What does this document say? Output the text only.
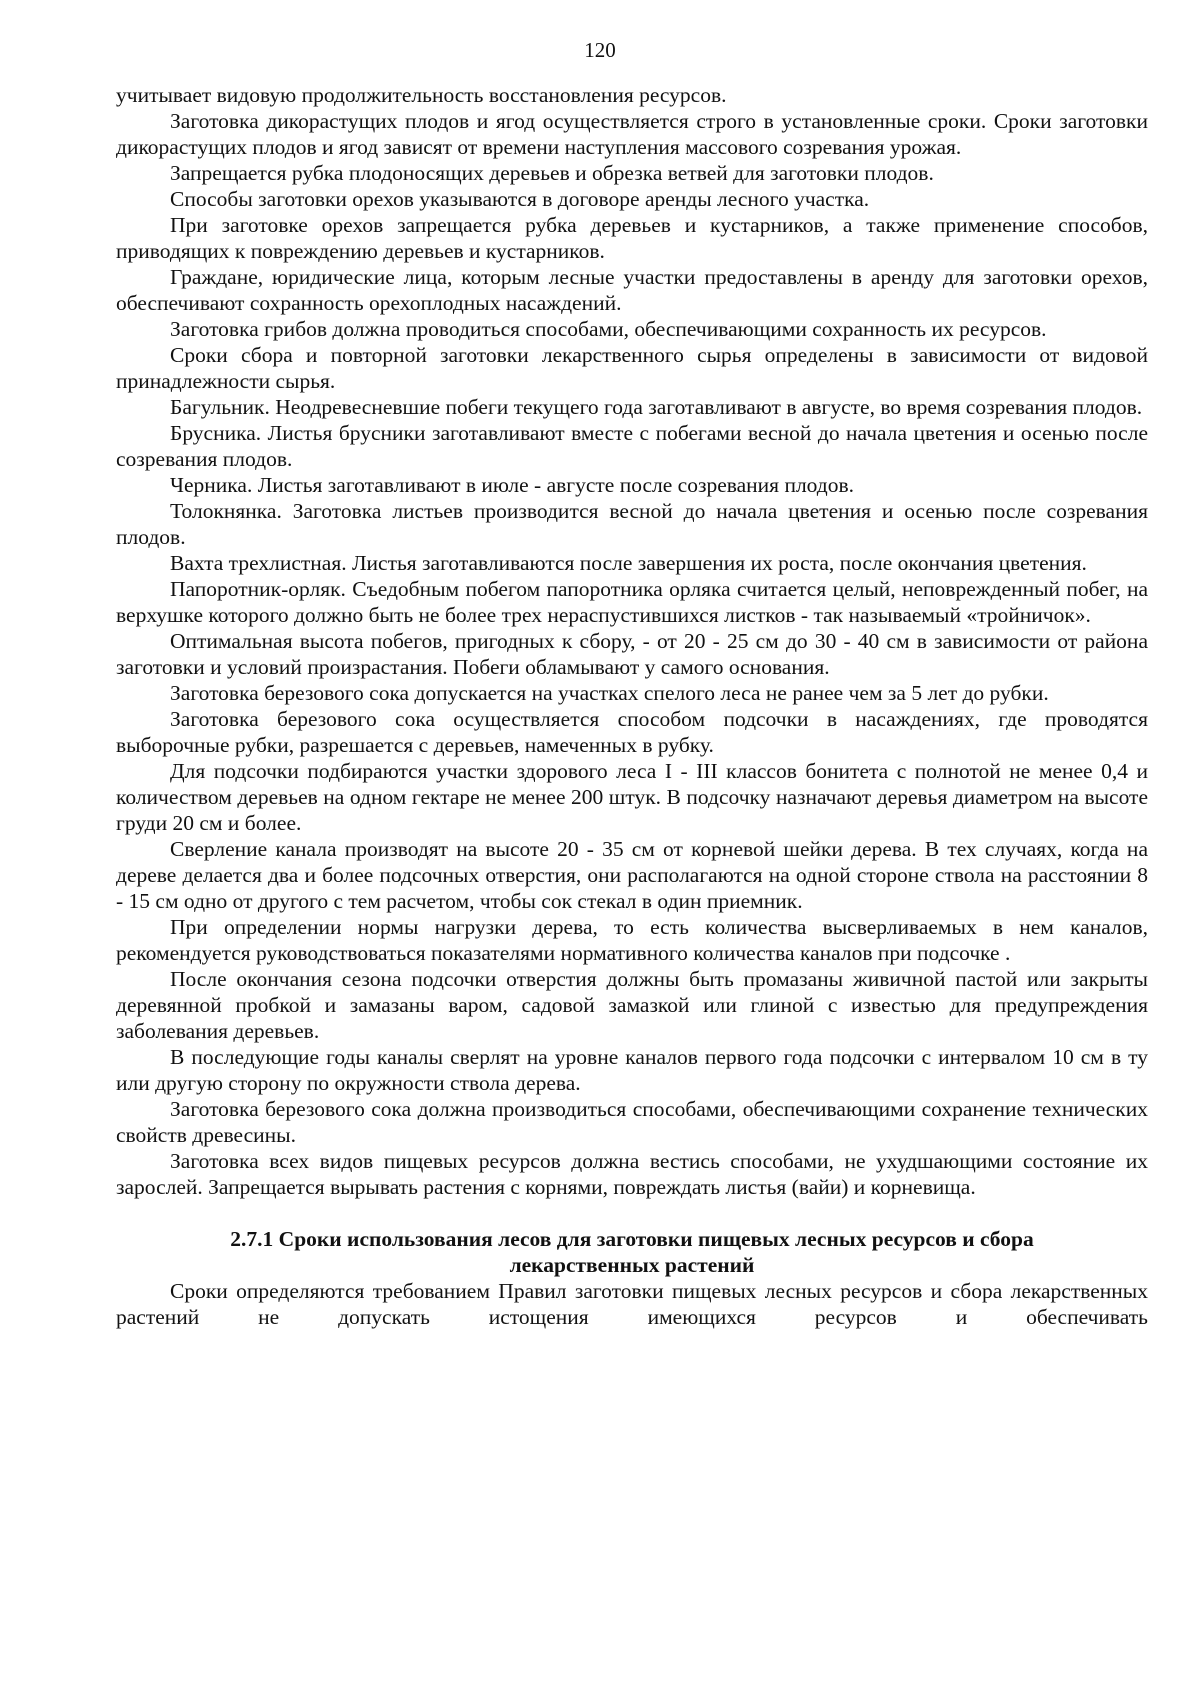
120

учитывает видовую продолжительность восстановления ресурсов.

Заготовка дикорастущих плодов и ягод осуществляется строго в установленные сроки. Сроки заготовки дикорастущих плодов и ягод зависят от времени наступления массового созревания урожая.

Запрещается рубка плодоносящих деревьев и обрезка ветвей для заготовки плодов.

Способы заготовки орехов указываются в договоре аренды лесного участка.

При заготовке орехов запрещается рубка деревьев и кустарников, а также применение способов, приводящих к повреждению деревьев и кустарников.

Граждане, юридические лица, которым лесные участки предоставлены в аренду для заготовки орехов, обеспечивают сохранность орехоплодных насаждений.

Заготовка грибов должна проводиться способами, обеспечивающими сохранность их ресурсов.

Сроки сбора и повторной заготовки лекарственного сырья определены в зависимости от видовой принадлежности сырья.

Багульник. Неодревесневшие побеги текущего года заготавливают в августе, во время созревания плодов.

Брусника. Листья брусники заготавливают вместе с побегами весной до начала цветения и осенью после созревания плодов.

Черника. Листья заготавливают в июле - августе после созревания плодов.

Толокнянка. Заготовка листьев производится весной до начала цветения и осенью после созревания плодов.

Вахта трехлистная. Листья заготавливаются после завершения их роста, после окончания цветения.

Папоротник-орляк. Съедобным побегом папоротника орляка считается целый, неповрежденный побег, на верхушке которого должно быть не более трех нераспустившихся листков - так называемый «тройничок».

Оптимальная высота побегов, пригодных к сбору, - от 20 - 25 см до 30 - 40 см в зависимости от района заготовки и условий произрастания. Побеги обламывают у самого основания.

Заготовка березового сока допускается на участках спелого леса не ранее чем за 5 лет до рубки.

Заготовка березового сока осуществляется способом подсочки в насаждениях, где проводятся выборочные рубки, разрешается с деревьев, намеченных в рубку.

Для подсочки подбираются участки здорового леса I - III классов бонитета с полнотой не менее 0,4 и количеством деревьев на одном гектаре не менее 200 штук. В подсочку назначают деревья диаметром на высоте груди 20 см и более.

Сверление канала производят на высоте 20 - 35 см от корневой шейки дерева. В тех случаях, когда на дереве делается два и более подсочных отверстия, они располагаются на одной стороне ствола на расстоянии 8 - 15 см одно от другого с тем расчетом, чтобы сок стекал в один приемник.

При определении нормы нагрузки дерева, то есть количества высверливаемых в нем каналов, рекомендуется руководствоваться показателями нормативного количества каналов при подсочке .

После окончания сезона подсочки отверстия должны быть промазаны живичной пастой или закрыты деревянной пробкой и замазаны варом, садовой замазкой или глиной с известью для предупреждения заболевания деревьев.

В последующие годы каналы сверлят на уровне каналов первого года подсочки с интервалом 10 см в ту или другую сторону по окружности ствола дерева.

Заготовка березового сока должна производиться способами, обеспечивающими сохранение технических свойств древесины.

Заготовка всех видов пищевых ресурсов должна вестись способами, не ухудшающими состояние их зарослей. Запрещается вырывать растения с корнями, повреждать листья (вайи) и корневища.

2.7.1 Сроки использования лесов для заготовки пищевых лесных ресурсов и сбора
лекарственных растений

Сроки определяются требованием Правил заготовки пищевых лесных ресурсов и сбора лекарственных растений не допускать истощения имеющихся ресурсов и обеспечивать
